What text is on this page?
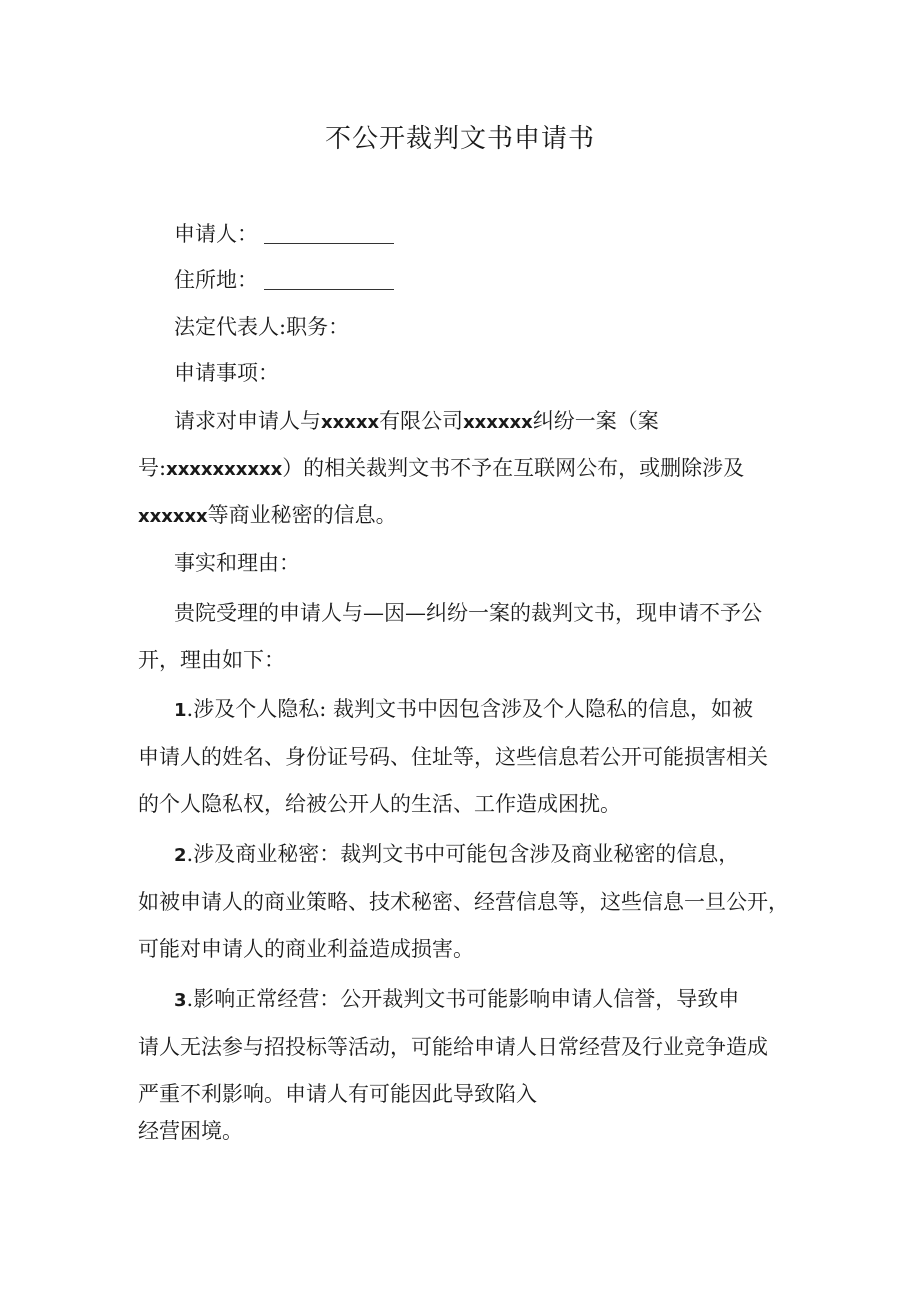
不公开裁判文书申请书
申请人：
住所地：
法定代表人:职务：
申请事项：
请求对申请人与xxxxx有限公司xxxxxx纠纷一案（案
号:xxxxxxxxxx）的相关裁判文书不予在互联网公布，或删除涉及
xxxxxx等商业秘密的信息。
事实和理由：
贵院受理的申请人与—因—纠纷一案的裁判文书，现申请不予公
开，理由如下：
1.涉及个人隐私: 裁判文书中因包含涉及个人隐私的信息，如被
申请人的姓名、身份证号码、住址等，这些信息若公开可能损害相关
的个人隐私权，给被公开人的生活、工作造成困扰。
2.涉及商业秘密：裁判文书中可能包含涉及商业秘密的信息，
如被申请人的商业策略、技术秘密、经营信息等，这些信息一旦公开，
可能对申请人的商业利益造成损害。
3.影响正常经营：公开裁判文书可能影响申请人信誉，导致申
请人无法参与招投标等活动，可能给申请人日常经营及行业竞争造成
严重不利影响。申请人有可能因此导致陷入
经营困境。
